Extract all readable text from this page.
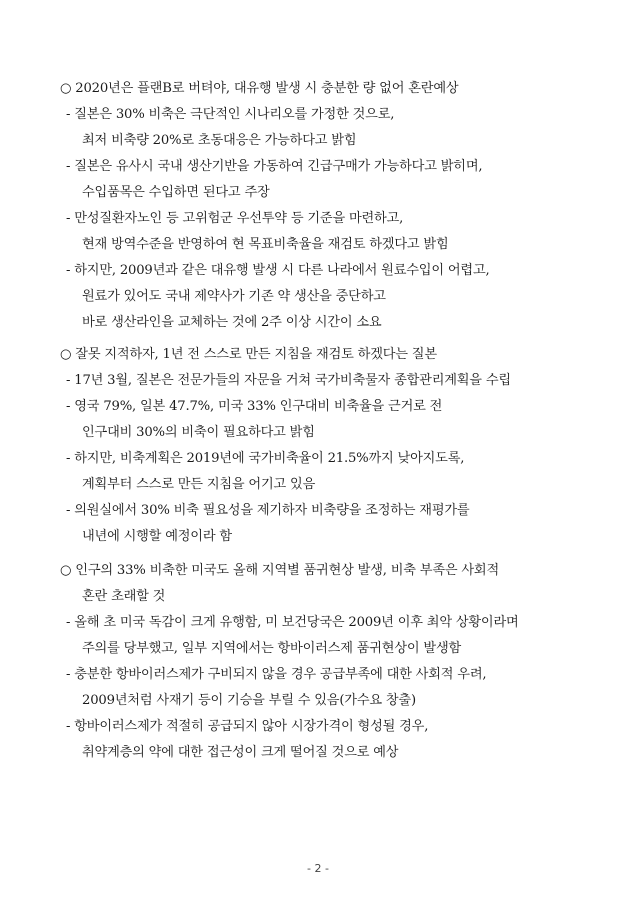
○ 2020년은 플랜B로 버텨야, 대유행 발생 시 충분한 량 없어 혼란예상
- 질본은 30% 비축은 극단적인 시나리오를 가정한 것으로,
최저 비축량 20%로 초동대응은 가능하다고 밝힘
- 질본은 유사시 국내 생산기반을 가동하여 긴급구매가 가능하다고 밝히며,
수입품목은 수입하면 된다고 주장
- 만성질환자노인 등 고위험군 우선투약 등 기준을 마련하고,
현재 방역수준을 반영하여 현 목표비축율을 재검토 하겠다고 밝힘
- 하지만, 2009년과 같은 대유행 발생 시 다른 나라에서 원료수입이 어렵고,
원료가 있어도 국내 제약사가 기존 약 생산을 중단하고
바로 생산라인을 교체하는 것에 2주 이상 시간이 소요
○ 잘못 지적하자, 1년 전 스스로 만든 지침을 재검토 하겠다는 질본
- 17년 3월, 질본은 전문가들의 자문을 거쳐 국가비축물자 종합관리계획을 수립
- 영국 79%, 일본 47.7%, 미국 33% 인구대비 비축율을 근거로 전
인구대비 30%의 비축이 필요하다고 밝힘
- 하지만, 비축계획은 2019년에 국가비축율이 21.5%까지 낮아지도록,
계획부터 스스로 만든 지침을 어기고 있음
- 의원실에서 30% 비축 필요성을 제기하자 비축량을 조정하는 재평가를
내년에 시행할 예정이라 함
○ 인구의 33% 비축한 미국도 올해 지역별 품귀현상 발생, 비축 부족은 사회적
혼란 초래할 것
- 올해 초 미국 독감이 크게 유행함, 미 보건당국은 2009년 이후 최악 상황이라며
주의를 당부했고, 일부 지역에서는 항바이러스제 품귀현상이 발생함
- 충분한 항바이러스제가 구비되지 않을 경우 공급부족에 대한 사회적 우려,
2009년처럼 사재기 등이 기승을 부릴 수 있음(가수요 창출)
- 항바이러스제가 적절히 공급되지 않아 시장가격이 형성될 경우,
취약계층의 약에 대한 접근성이 크게 떨어질 것으로 예상
- 2 -
